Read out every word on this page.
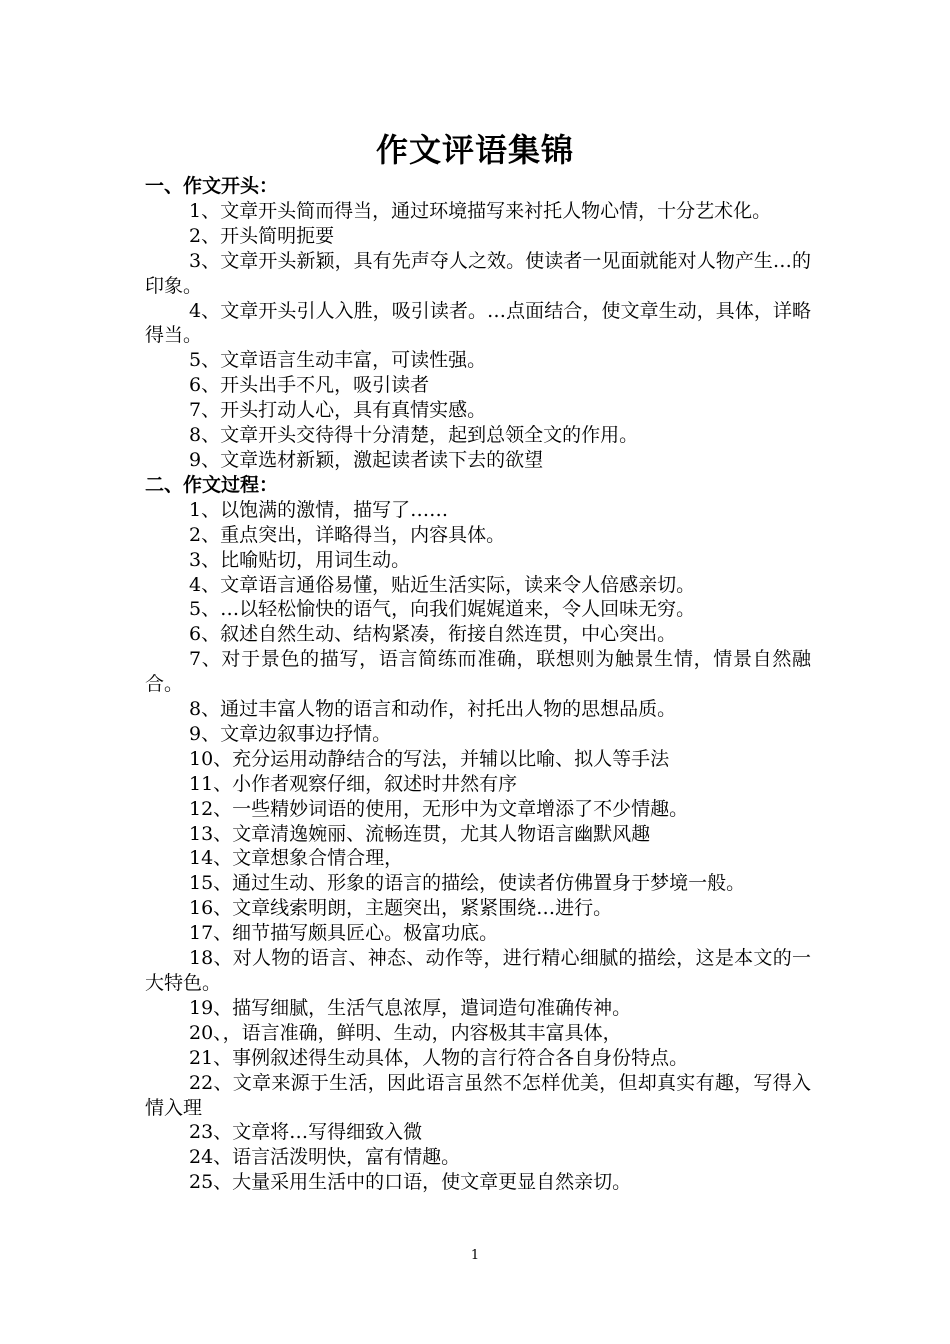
作文评语集锦
一、作文开头：
1、文章开头简而得当，通过环境描写来衬托人物心情，十分艺术化。
2、开头简明扼要
3、文章开头新颖，具有先声夺人之效。使读者一见面就能对人物产生…的印象。
4、文章开头引人入胜，吸引读者。…点面结合，使文章生动，具体，详略得当。
5、文章语言生动丰富，可读性强。
6、开头出手不凡，吸引读者
7、开头打动人心，具有真情实感。
8、文章开头交待得十分清楚，起到总领全文的作用。
9、文章选材新颖，激起读者读下去的欲望
二、作文过程：
1、以饱满的激情，描写了……
2、重点突出，详略得当，内容具体。
3、比喻贴切，用词生动。
4、文章语言通俗易懂，贴近生活实际，读来令人倍感亲切。
5、…以轻松愉快的语气，向我们娓娓道来，令人回味无穷。
6、叙述自然生动、结构紧凑，衔接自然连贯，中心突出。
7、对于景色的描写，语言简练而准确，联想则为触景生情，情景自然融合。
8、通过丰富人物的语言和动作，衬托出人物的思想品质。
9、文章边叙事边抒情。
10、充分运用动静结合的写法，并辅以比喻、拟人等手法
11、小作者观察仔细，叙述时井然有序
12、一些精妙词语的使用，无形中为文章增添了不少情趣。
13、文章清逸婉丽、流畅连贯，尤其人物语言幽默风趣
14、文章想象合情合理，
15、通过生动、形象的语言的描绘，使读者仿佛置身于梦境一般。
16、文章线索明朗，主题突出，紧紧围绕…进行。
17、细节描写颇具匠心。极富功底。
18、对人物的语言、神态、动作等，进行精心细腻的描绘，这是本文的一大特色。
19、描写细腻，生活气息浓厚，遣词造句准确传神。
20、，语言准确，鲜明、生动，内容极其丰富具体，
21、事例叙述得生动具体，人物的言行符合各自身份特点。
22、文章来源于生活，因此语言虽然不怎样优美，但却真实有趣，写得入情入理
23、文章将…写得细致入微
24、语言活泼明快，富有情趣。
25、大量采用生活中的口语，使文章更显自然亲切。
1
